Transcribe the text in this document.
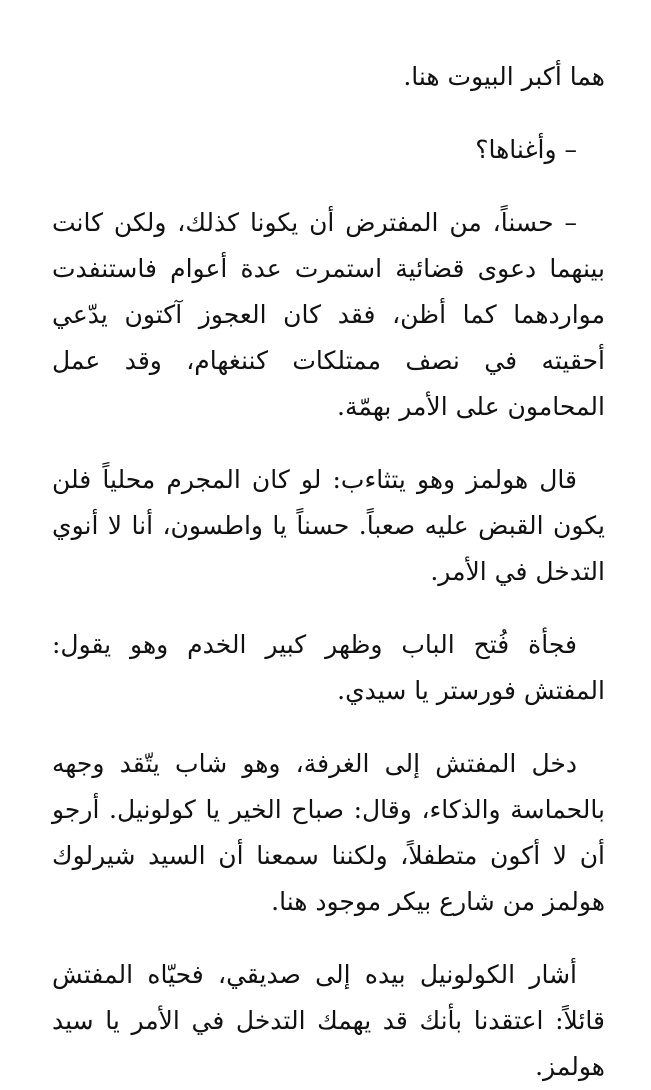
هما أكبر البيوت هنا.

– وأغناها؟

– حسناً، من المفترض أن يكونا كذلك، ولكن كانت بينهما دعوى قضائية استمرت عدة أعوام فاستنفدت مواردهما كما أظن، فقد كان العجوز آكتون يدّعي أحقيته في نصف ممتلكات كننغهام، وقد عمل المحامون على الأمر بهمّة.

قال هولمز وهو يتثاءب: لو كان المجرم محلياً فلن يكون القبض عليه صعباً. حسناً يا واطسون، أنا لا أنوي التدخل في الأمر.

فجأة فُتح الباب وظهر كبير الخدم وهو يقول: المفتش فورستر يا سيدي.

دخل المفتش إلى الغرفة، وهو شاب يتّقد وجهه بالحماسة والذكاء، وقال: صباح الخير يا كولونيل. أرجو أن لا أكون متطفلاً، ولكننا سمعنا أن السيد شيرلوك هولمز من شارع بيكر موجود هنا.

أشار الكولونيل بيده إلى صديقي، فحيّاه المفتش قائلاً: اعتقدنا بأنك قد يهمك التدخل في الأمر يا سيد هولمز.
